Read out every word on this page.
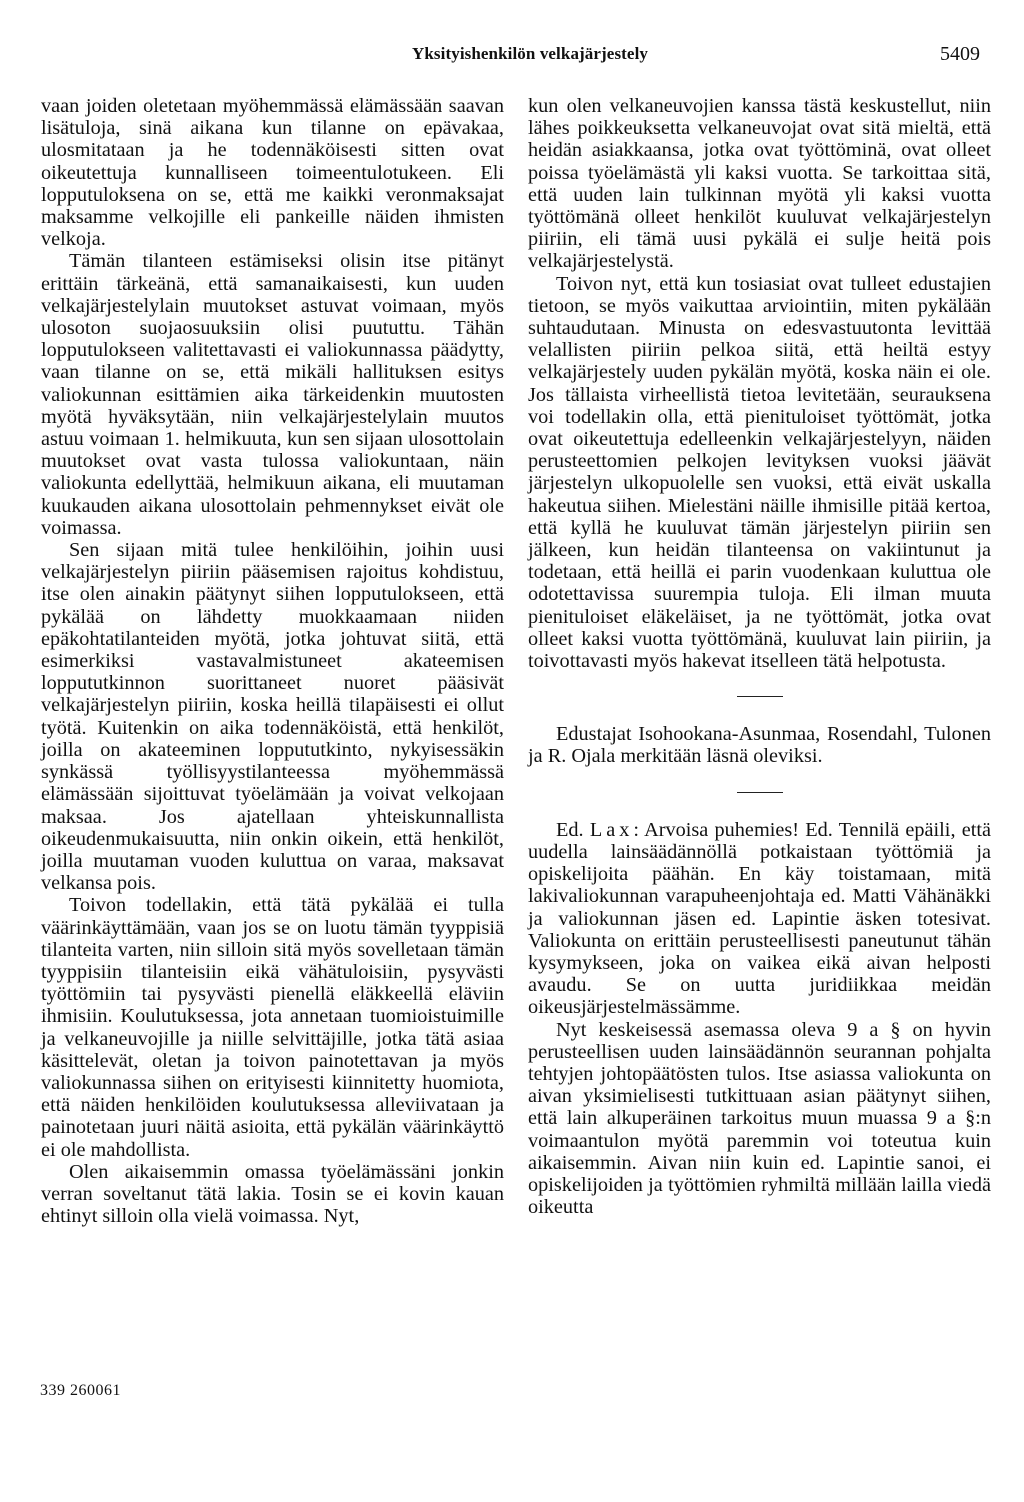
Yksityishenkilön velkajärjestely	5409

vaan joiden oletetaan myöhemmässä elämässään saavan lisätuloja, sinä aikana kun tilanne on epävakaa, ulosmitataan ja he todennäköisesti sitten ovat oikeutettuja kunnalliseen toimeentulotukeen. Eli lopputuloksena on se, että me kaikki veronmaksajat maksamme velkojille eli pankeille näiden ihmisten velkoja.

Tämän tilanteen estämiseksi olisin itse pitänyt erittäin tärkeänä, että samanaikaisesti, kun uuden velkajärjestelylain muutokset astuvat voimaan, myös ulosoton suojaosuuksiin olisi puututtu. Tähän lopputulokseen valitettavasti ei valiokunnassa päädytty, vaan tilanne on se, että mikäli hallituksen esitys valiokunnan esittämien aika tärkeidenkin muutosten myötä hyväksytään, niin velkajärjestelylain muutos astuu voimaan 1. helmikuuta, kun sen sijaan ulosottolain muutokset ovat vasta tulossa valiokuntaan, näin valiokunta edellyttää, helmikuun aikana, eli muutaman kuukauden aikana ulosottolain pehmennykset eivät ole voimassa.

Sen sijaan mitä tulee henkilöihin, joihin uusi velkajärjestelyn piiriin pääsemisen rajoitus kohdistuu, itse olen ainakin päätynyt siihen lopputulokseen, että pykälää on lähdetty muokkaamaan niiden epäkohtatilanteiden myötä, jotka johtuvat siitä, että esimerkiksi vastavalmistuneet akateemisen loppututkinnon suorittaneet nuoret pääsivät velkajärjestelyn piiriin, koska heillä tilapäisesti ei ollut työtä. Kuitenkin on aika todennäköistä, että henkilöt, joilla on akateeminen loppututkinto, nykyisessäkin synkässä työllisyystilanteessa myöhemmässä elämässään sijoittuvat työelämään ja voivat velkojaan maksaa. Jos ajatellaan yhteiskunnallista oikeudenmukaisuutta, niin onkin oikein, että henkilöt, joilla muutaman vuoden kuluttua on varaa, maksavat velkansa pois.

Toivon todellakin, että tätä pykälää ei tulla väärinkäyttämään, vaan jos se on luotu tämän tyyppisiä tilanteita varten, niin silloin sitä myös sovelletaan tämän tyyppisiin tilanteisiin eikä vähätuloisiin, pysyvästi työttömiin tai pysyvästi pienellä eläkkeellä eläviin ihmisiin. Koulutuksessa, jota annetaan tuomioistuimille ja velkaneuvojille ja niille selvittäjille, jotka tätä asiaa käsittelevät, oletan ja toivon painotettavan ja myös valiokunnassa siihen on erityisesti kiinnitetty huomiota, että näiden henkilöiden koulutuksessa alleviivataan ja painotetaan juuri näitä asioita, että pykälän väärinkäyttö ei ole mahdollista.

Olen aikaisemmin omassa työelämässäni jonkin verran soveltanut tätä lakia. Tosin se ei kovin kauan ehtinyt silloin olla vielä voimassa. Nyt,

kun olen velkaneuvojien kanssa tästä keskustellut, niin lähes poikkeuksetta velkaneuvojat ovat sitä mieltä, että heidän asiakkaansa, jotka ovat työttöminä, ovat olleet poissa työelämästä yli kaksi vuotta. Se tarkoittaa sitä, että uuden lain tulkinnan myötä yli kaksi vuotta työttömänä olleet henkilöt kuuluvat velkajärjestelyn piiriin, eli tämä uusi pykälä ei sulje heitä pois velkajärjestelystä.

Toivon nyt, että kun tosiasiat ovat tulleet edustajien tietoon, se myös vaikuttaa arviointiin, miten pykälään suhtaudutaan. Minusta on edesvastuutonta levittää velallisten piiriin pelkoa siitä, että heiltä estyy velkajärjestely uuden pykälän myötä, koska näin ei ole. Jos tällaista virheellistä tietoa levitetään, seurauksena voi todellakin olla, että pienituloiset työttömät, jotka ovat oikeutettuja edelleenkin velkajärjestelyyn, näiden perusteettomien pelkojen levityksen vuoksi jäävät järjestelyn ulkopuolelle sen vuoksi, että eivät uskalla hakeutua siihen. Mielestäni näille ihmisille pitää kertoa, että kyllä he kuuluvat tämän järjestelyn piiriin sen jälkeen, kun heidän tilanteensa on vakiintunut ja todetaan, että heillä ei parin vuodenkaan kuluttua ole odotettavissa suurempia tuloja. Eli ilman muuta pienituloiset eläkeläiset, ja ne työttömät, jotka ovat olleet kaksi vuotta työttömänä, kuuluvat lain piiriin, ja toivottavasti myös hakevat itselleen tätä helpotusta.

Edustajat Isohookana-Asunmaa, Rosendahl, Tulonen ja R. Ojala merkitään läsnä oleviksi.

Ed. Lax: Arvoisa puhemies! Ed. Tennilä epäili, että uudella lainsäädännöllä potkaistaan työttömiä ja opiskelijoita päähän. En käy toistamaan, mitä lakivaliokunnan varapuheenjohtaja ed. Matti Vähänäkki ja valiokunnan jäsen ed. Lapintie äsken totesivat. Valiokunta on erittäin perusteellisesti paneutunut tähän kysymykseen, joka on vaikea eikä aivan helposti avaudu. Se on uutta juridiikkaa meidän oikeusjärjestelmässämme.

Nyt keskeisessä asemassa oleva 9 a § on hyvin perusteellisen uuden lainsäädännön seurannan pohjalta tehtyjen johtopäätösten tulos. Itse asiassa valiokunta on aivan yksimielisesti tutkittuaan asian päätynyt siihen, että lain alkuperäinen tarkoitus muun muassa 9 a §:n voimaantulon myötä paremmin voi toteutua kuin aikaisemmin. Aivan niin kuin ed. Lapintie sanoi, ei opiskelijoiden ja työttömien ryhmiltä millään lailla viedä oikeutta

339 260061
